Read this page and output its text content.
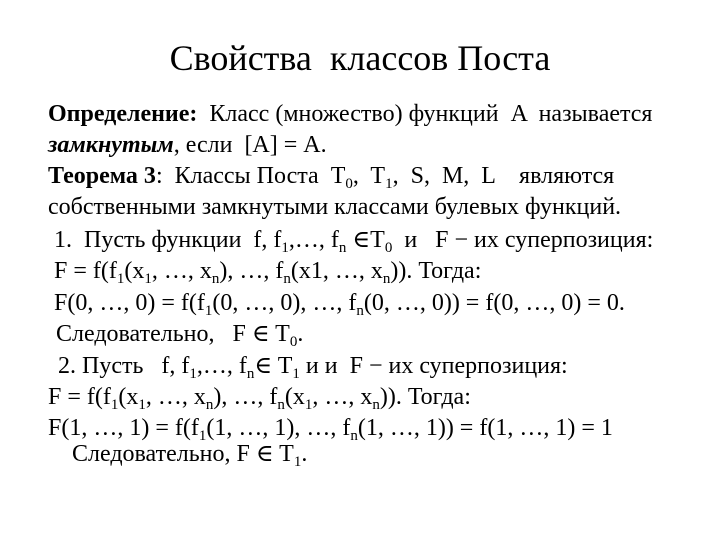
Свойства  классов Поста
Определение:  Класс (множество) функций  A  называется
замкнутым, если  [A] = A.
Теорема 3:  Классы Поста  $T_0$,  $T_1$,  S,  M,  L    являются
собственными замкнутыми классами булевых функций.
1.  Пусть функции  f, $f_1,\dots$, $f_n$ $\in T_0$  и   F − их суперпозиция:
$F = f(f_1(x_1$, …, $x_n$), …, $f_n(x1$, …, $x_n$)). Тогда:
F(0, …, $0) = f(f_1(0$, …, 0), …, $f_n(0$, …, 0)) = f(0, …, 0) = 0.
Следовательно,   F ∈ $T_0$.
2. Пусть   f, $f_1,\dots$, $f_n\in$ $T_1$ и и  F − их суперпозиция:
$F = f(f_1(x_1$, …, $x_n$), …, $f_n(x_1$, …, $x_n$)). Тогда:
F(1, …, $1) = f(f_1(1$, …, 1), …, $f_n(1$, …, 1)) = f(1, …, 1) = 1
Следовательно, F ∈ $T_1$.
